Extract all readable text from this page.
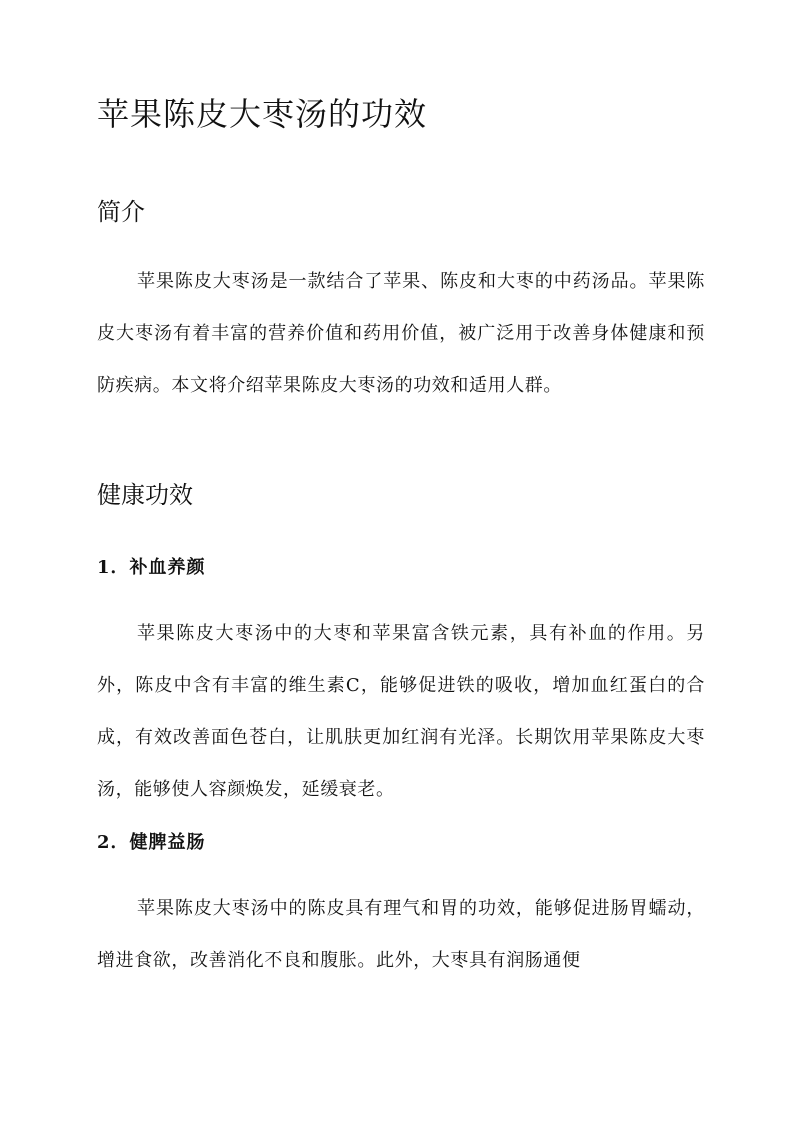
苹果陈皮大枣汤的功效
简介

苹果陈皮大枣汤是一款结合了苹果、陈皮和大枣的中药汤品。苹果陈皮大枣汤有着丰富的营养价值和药用价值，被广泛用于改善身体健康和预防疾病。本文将介绍苹果陈皮大枣汤的功效和适用人群。

健康功效
1．补血养颜

苹果陈皮大枣汤中的大枣和苹果富含铁元素，具有补血的作用。另外，陈皮中含有丰富的维生素C，能够促进铁的吸收，增加血红蛋白的合成，有效改善面色苍白，让肌肤更加红润有光泽。长期饮用苹果陈皮大枣汤，能够使人容颜焕发，延缓衰老。

2．健脾益肠

苹果陈皮大枣汤中的陈皮具有理气和胃的功效，能够促进肠胃蠕动，增进食欲，改善消化不良和腹胀。此外，大枣具有润肠通便
